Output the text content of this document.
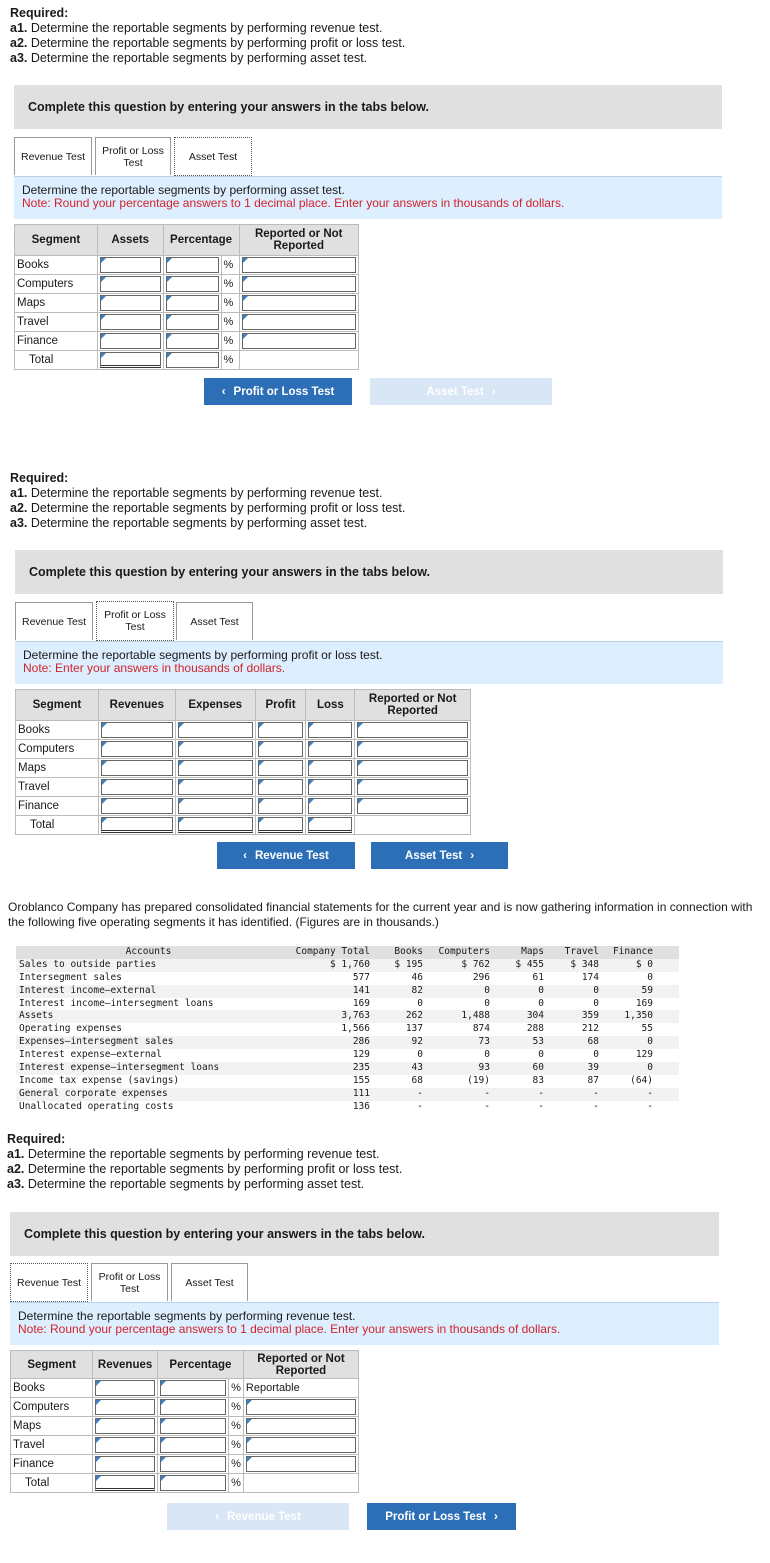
Required:
a1. Determine the reportable segments by performing revenue test.
a2. Determine the reportable segments by performing profit or loss test.
a3. Determine the reportable segments by performing asset test.
Complete this question by entering your answers in the tabs below.
Revenue Test	Profit or Loss
Test	Asset Test
Determine the reportable segments by performing asset test.
Note: Round your percentage answers to 1 decimal place. Enter your answers in thousands of dollars.
Segment	Assets	Percentage		Reported or Not Reported
Books			%	

Computers			%	

Maps			%	

Travel			%	

Finance			%	

Total			%	
‹ Profit or Loss Test	Asset Test ›
Required:
a1. Determine the reportable segments by performing revenue test.
a2. Determine the reportable segments by performing profit or loss test.
a3. Determine the reportable segments by performing asset test.
Complete this question by entering your answers in the tabs below.
Revenue Test
Profit or Loss
Test	Asset Test
Determine the reportable segments by performing profit or loss test.
Note: Enter your answers in thousands of dollars.
Segment	Revenues	Expenses	Profit	Loss	Reported or Not Reported
Books	

Computers	

Maps	

Travel	

Finance	

Total	

‹ Revenue Test	Asset Test ›
Oroblanco Company has prepared consolidated financial statements for the current year and is now gathering information in connection with the following five operating segments it has identified. (Figures are in thousands.)
Accounts	Company Total	Books	Computers	Maps	Travel	Finance
Sales to outside parties	$ 1,760	$ 195	$ 762	$ 455	$ 348	$ 0
Intersegment sales	577	46	296	61	174	0
Interest income—external	141	82	0	0	0	59
Interest income—intersegment loans	169	0	0	0	0	169
Assets	3,763	262	1,488	304	359	1,350
Operating expenses	1,566	137	874	288	212	55
Expenses—intersegment sales	286	92	73	53	68	0
Interest expense—external	129	0	0	0	0	129
Interest expense—intersegment loans	235	43	93	60	39	0
Income tax expense (savings)	155	68	(19)	83	87	(64)
General corporate expenses	111	-	-	-	-	-
Unallocated operating costs	136	-	-	-	-	-
Required:
a1. Determine the reportable segments by performing revenue test.
a2. Determine the reportable segments by performing profit or loss test.
a3. Determine the reportable segments by performing asset test.
Complete this question by entering your answers in the tabs below.
Revenue Test	Profit or Loss
Test	Asset Test
Determine the reportable segments by performing revenue test.
Note: Round your percentage answers to 1 decimal place. Enter your answers in thousands of dollars.
Segment	Revenues	Percentage		Reported or Not Reported
Books			%	Reportable
Computers			%	

Maps			%	

Travel			%	

Finance			%	

Total			%	
‹ Revenue Test	Profit or Loss Test ›
